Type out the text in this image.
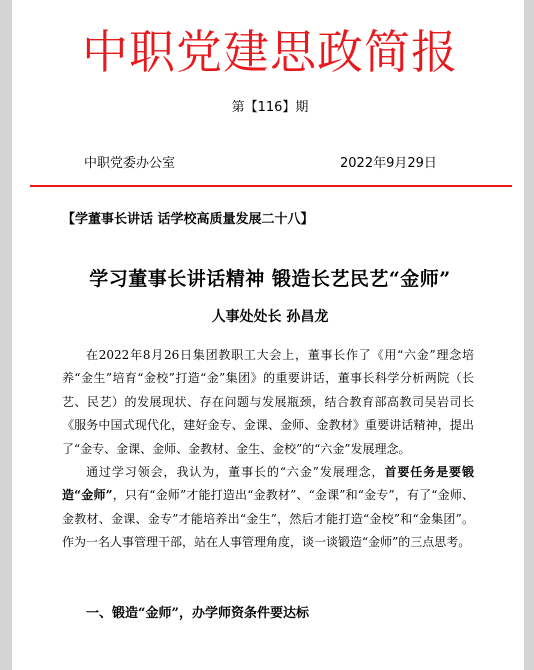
中职党建思政简报
第【116】期
中职党委办公室	2022年9月29日
【学董事长讲话 话学校高质量发展二十八】
学习董事长讲话精神 锻造长艺民艺“金师”
人事处处长 孙昌龙

在2022年8月26日集团教职工大会上，董事长作了《用“六金”理念培养“金生”培育“金校”打造“金”集团》的重要讲话，董事长科学分析两院（长艺、民艺）的发展现状、存在问题与发展瓶颈，结合教育部高教司吴岩司长《服务中国式现代化，建好金专、金课、金师、金教材》重要讲话精神，提出了“金专、金课、金师、金教材、金生、金校”的“六金”发展理念。

通过学习领会，我认为，董事长的“六金”发展理念，首要任务是要锻造“金师”，只有“金师”才能打造出“金教材”、“金课”和“金专”，有了“金师、金教材、金课、金专”才能培养出“金生”，然后才能打造“金校”和“金集团”。作为一名人事管理干部，站在人事管理角度，谈一谈锻造“金师”的三点思考。

一、锻造“金师”，办学师资条件要达标
